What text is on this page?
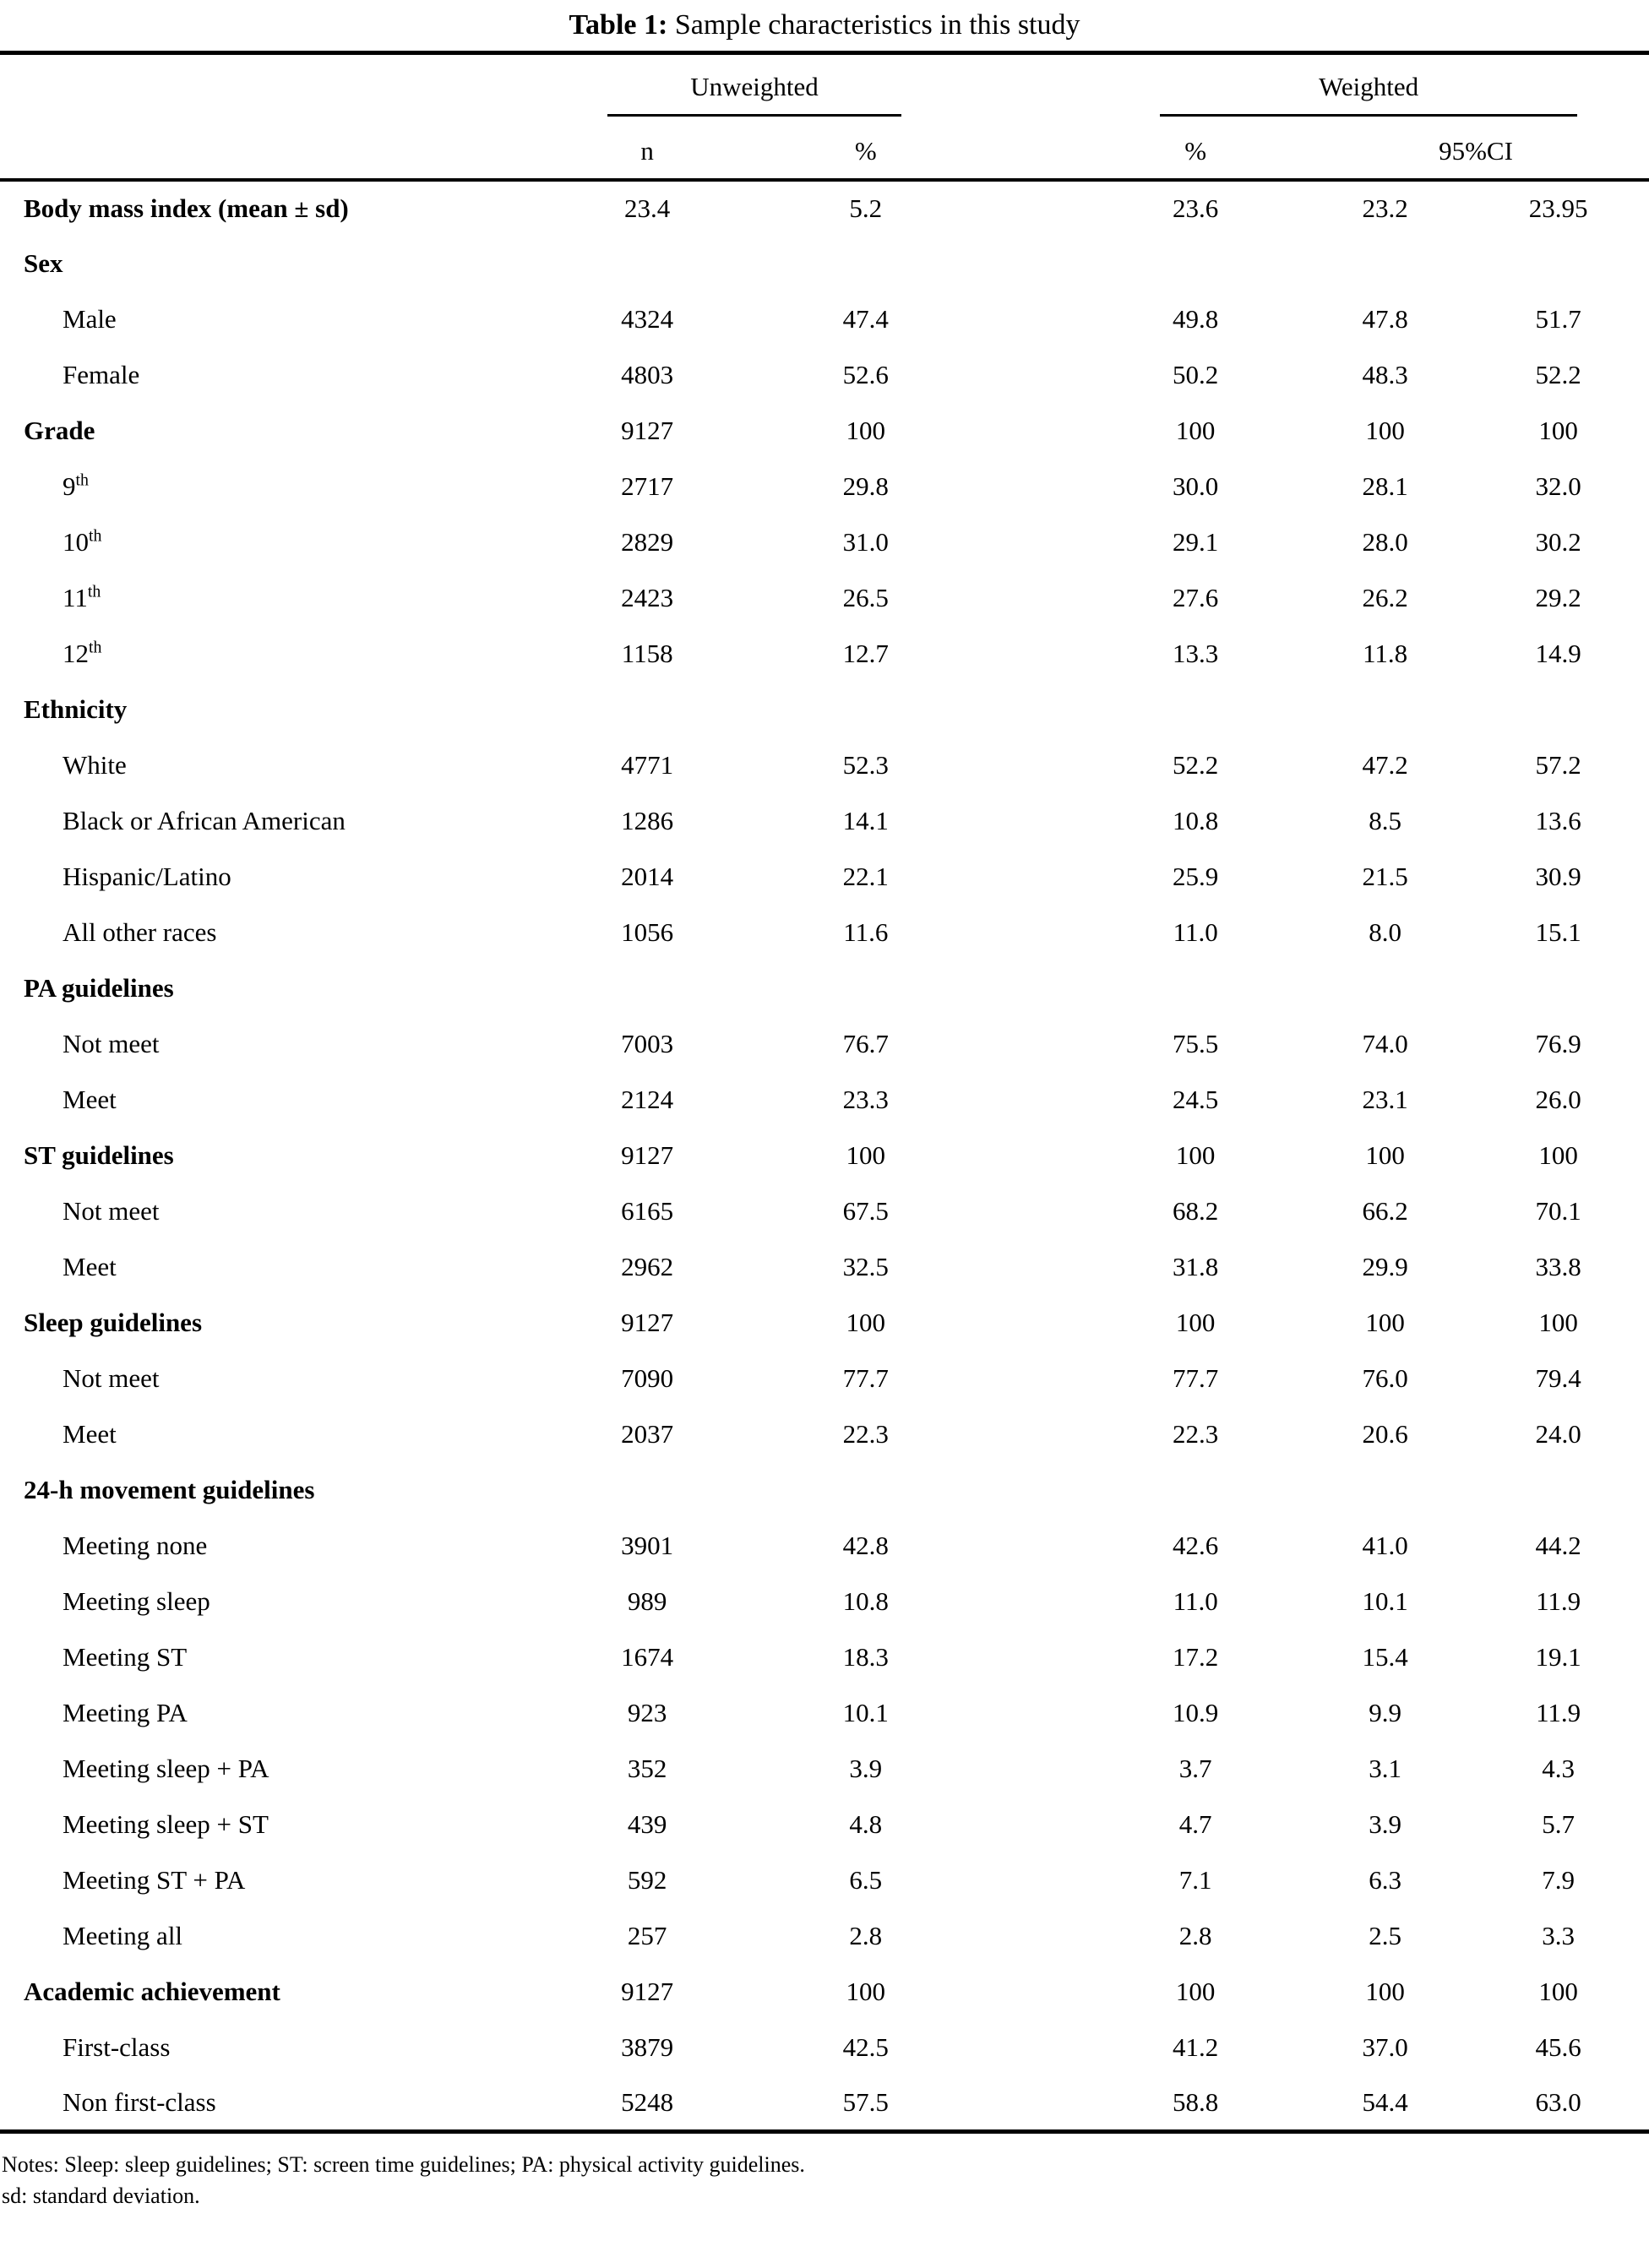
Table 1: Sample characteristics in this study

	Unweighted			Weighted		

	n	%		%	95%CI	
Body mass index (mean ± sd)	23.4	5.2		23.6	23.2	23.95
Sex						
Male	4324	47.4		49.8	47.8	51.7
Female	4803	52.6		50.2	48.3	52.2
Grade	9127	100		100	100	100
9th	2717	29.8		30.0	28.1	32.0
10th	2829	31.0		29.1	28.0	30.2
11th	2423	26.5		27.6	26.2	29.2
12th	1158	12.7		13.3	11.8	14.9
Ethnicity						
White	4771	52.3		52.2	47.2	57.2
Black or African American	1286	14.1		10.8	8.5	13.6
Hispanic/Latino	2014	22.1		25.9	21.5	30.9
All other races	1056	11.6		11.0	8.0	15.1
PA guidelines						
Not meet	7003	76.7		75.5	74.0	76.9
Meet	2124	23.3		24.5	23.1	26.0
ST guidelines	9127	100		100	100	100
Not meet	6165	67.5		68.2	66.2	70.1
Meet	2962	32.5		31.8	29.9	33.8
Sleep guidelines	9127	100		100	100	100
Not meet	7090	77.7		77.7	76.0	79.4
Meet	2037	22.3		22.3	20.6	24.0
24-h movement guidelines						
Meeting none	3901	42.8		42.6	41.0	44.2
Meeting sleep	989	10.8		11.0	10.1	11.9
Meeting ST	1674	18.3		17.2	15.4	19.1
Meeting PA	923	10.1		10.9	9.9	11.9
Meeting sleep + PA	352	3.9		3.7	3.1	4.3
Meeting sleep + ST	439	4.8		4.7	3.9	5.7
Meeting ST + PA	592	6.5		7.1	6.3	7.9
Meeting all	257	2.8		2.8	2.5	3.3
Academic achievement	9127	100		100	100	100
First-class	3879	42.5		41.2	37.0	45.6
Non first-class	5248	57.5		58.8	54.4	63.0
Notes: Sleep: sleep guidelines; ST: screen time guidelines; PA: physical activity guidelines.
sd: standard deviation.
